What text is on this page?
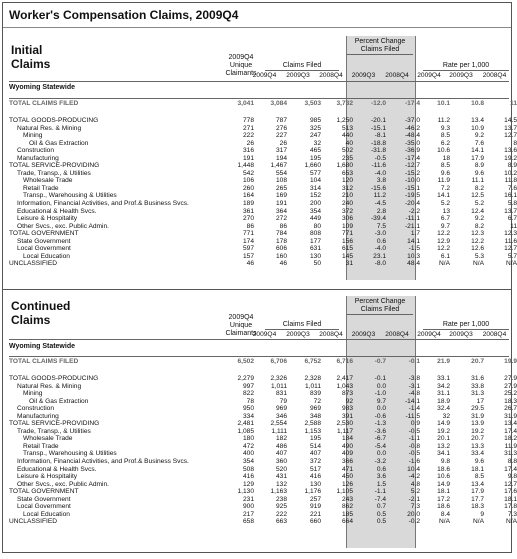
Worker's Compensation Claims, 2009Q4
Initial
Claims	2009Q4
Unique
Claimants
Claims Filed
Percent Change
Claims Filed
Rate per 1,000
		2009Q4	2009Q3	2008Q4	2009Q3	2008Q4	2009Q4	2009Q3	2008Q4
Wyoming Statewide
TOTAL CLAIMS FILED	3,041	3,084	3,503	3,732	-12.0	-17.4	10.1	10.8	11
TOTAL GOODS-PRODUCING	778	787	985	1,250	-20.1	-37.0	11.2	13.4	14.5
Natural Res. & Mining	271	276	325	513	-15.1	-46.2	9.3	10.9	13.7
Mining	222	227	247	440	-8.1	-48.4	8.5	9.2	12.7
Oil & Gas Extraction	26	26	32	40	-18.8	-35.0	6.2	7.6	8
Construction	316	317	465	502	-31.8	-36.9	10.6	14.1	13.6
Manufacturing	191	194	195	235	-0.5	-17.4	18	17.9	19.2
TOTAL SERVICE-PROVIDING	1,448	1,467	1,660	1,680	-11.6	-12.7	8.5	8.9	8.9
Trade, Transp., & Utilities	542	554	577	653	-4.0	-15.2	9.6	9.6	10.2
Wholesale Trade	106	108	104	120	3.8	-10.0	11.9	11.1	11.8
Retail Trade	260	265	314	312	-15.6	-15.1	7.2	8.2	7.6
Transp., Warehousing & Utilities	164	169	152	210	11.2	-19.5	14.1	12.5	16.1
Information, Financial Activities, and Prof.& Business Svcs.	189	191	200	240	-4.5	-20.4	5.2	5.2	5.8
Educational & Health Svcs.	361	364	354	372	2.8	-2.2	13	12.4	13.7
Leisure & Hospitality	270	272	449	306	-39.4	-11.1	6.7	9.2	6.7
Other Svcs., exc. Public Admin.	86	86	80	109	7.5	-21.1	9.7	8.2	11
TOTAL GOVERNMENT	771	784	808	771	-3.0	1.7	12.2	12.3	12.3
State Government	174	178	177	156	0.6	14.1	12.9	12.2	11.6
Local Government	597	606	631	615	-4.0	-1.5	12.2	12.6	12.7
Local Education	157	160	130	145	23.1	10.3	6.1	5.3	5.7
UNCLASSIFIED	46	46	50	31	-8.0	48.4	N/A	N/A	N/A
Continued
Claims	2009Q4
Unique
Claimants
Claims Filed
Percent Change
Claims Filed
Rate per 1,000
		2009Q4	2009Q3	2008Q4	2009Q3	2008Q4	2009Q4	2009Q3	2008Q4
Wyoming Statewide
TOTAL CLAIMS FILED	6,502	6,706	6,752	6,716	-0.7	-0.1	21.9	20.7	19.9
TOTAL GOODS-PRODUCING	2,279	2,326	2,328	2,417	-0.1	-3.8	33.1	31.6	27.9
Natural Res. & Mining	997	1,011	1,011	1,043	0.0	-3.1	34.2	33.8	27.9
Mining	822	831	839	873	-1.0	-4.8	31.1	31.3	25.2
Oil & Gas Extraction	78	79	72	92	9.7	-14.1	18.9	17	18.3
Construction	950	969	969	983	0.0	-1.4	32.4	29.5	26.7
Manufacturing	334	346	348	391	-0.6	-11.5	32	31.9	31.9
TOTAL SERVICE-PROVIDING	2,481	2,554	2,588	2,530	-1.3	0.9	14.9	13.9	13.4
Trade, Transp., & Utilities	1,085	1,111	1,153	1,117	-3.6	-0.5	19.2	19.2	17.4
Wholesale Trade	180	182	195	184	-6.7	-1.1	20.1	20.7	18.2
Retail Trade	472	486	514	490	-5.4	-0.8	13.2	13.3	11.9
Transp., Warehousing & Utilities	400	407	407	409	0.0	-0.5	34.1	33.4	31.3
Information, Financial Activities, and Prof.& Business Svcs.	354	360	372	366	-3.2	-1.6	9.8	9.6	8.8
Educational & Health Svcs.	508	520	517	471	0.6	10.4	18.6	18.1	17.4
Leisure & Hospitality	416	431	416	450	3.6	-4.2	10.6	8.5	9.8
Other Svcs., exc. Public Admin.	129	132	130	126	1.5	4.8	14.9	13.4	12.7
TOTAL GOVERNMENT	1,130	1,163	1,176	1,105	-1.1	5.2	18.1	17.9	17.6
State Government	231	238	257	243	-7.4	-2.1	17.2	17.7	18.1
Local Government	900	925	919	862	0.7	7.3	18.6	18.3	17.8
Local Education	217	222	221	185	0.5	20.0	8.4	9	7.3
UNCLASSIFIED	658	663	660	664	0.5	-0.2	N/A	N/A	N/A
